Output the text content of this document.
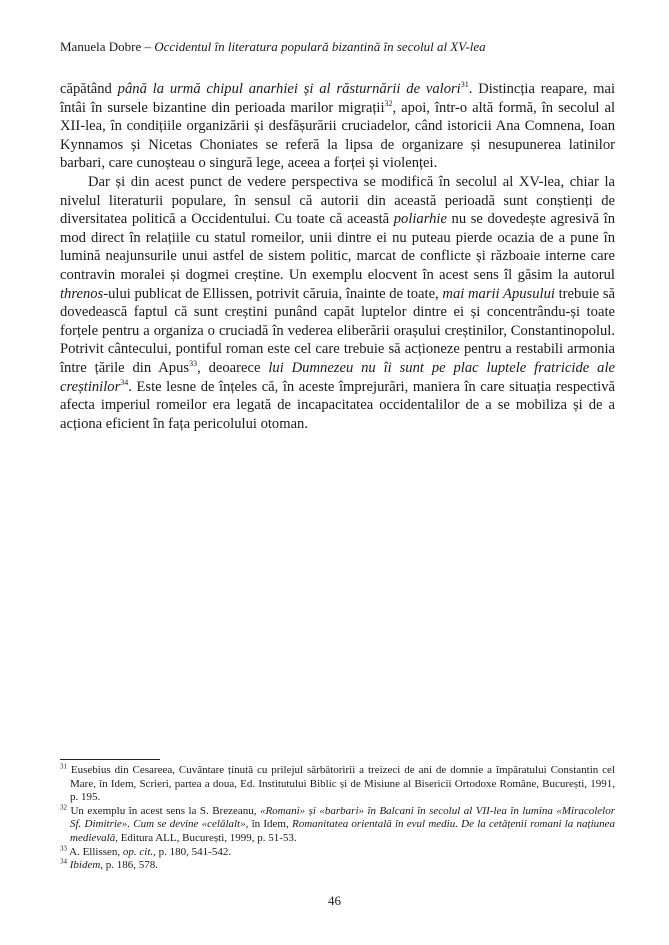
Manuela Dobre – Occidentul în literatura populară bizantină în secolul al XV-lea

căpătând până la urmă chipul anarhiei și al răsturnării de valori$^{31}$. Distincția reapare, mai întâi în sursele bizantine din perioada marilor migrații$^{32}$, apoi, într-o altă formă, în secolul al XII-lea, în condițiile organizării și desfășurării cruciadelor, când istoricii Ana Comnena, Ioan Kynnamos și Nicetas Choniates se referă la lipsa de organizare și nesupunerea latinilor barbari, care cunoșteau o singură lege, aceea a forței și violenței.

Dar și din acest punct de vedere perspectiva se modifică în secolul al XV-lea, chiar la nivelul literaturii populare, în sensul că autorii din această perioadă sunt conștienți de diversitatea politică a Occidentului. Cu toate că această poliarhie nu se dovedește agresivă în mod direct în relațiile cu statul romeilor, unii dintre ei nu puteau pierde ocazia de a pune în lumină neajunsurile unui astfel de sistem politic, marcat de conflicte și războaie interne care contravin moralei și dogmei creștine. Un exemplu elocvent în acest sens îl găsim la autorul threnos-ului publicat de Ellissen, potrivit căruia, înainte de toate, mai marii Apusului trebuie să dovedească faptul că sunt creștini punând capăt luptelor dintre ei și concentrându-și toate forțele pentru a organiza o cruciadă în vederea eliberării orașului creștinilor, Constantinopolul. Potrivit cântecului, pontiful roman este cel care trebuie să acționeze pentru a restabili armonia între țările din Apus$^{33}$, deoarece lui Dumnezeu nu îi sunt pe plac luptele fratricide ale creștinilor$^{34}$. Este lesne de înțeles că, în aceste împrejurări, maniera în care situația respectivă afecta imperiul romeilor era legată de incapacitatea occidentalilor de a se mobiliza și de a acționa eficient în fața pericolului otoman.

$^{31}$ Eusebius din Cesareea, Cuvântare ținută cu prilejul sărbătoririi a treizeci de ani de domnie a împăratului Constantin cel Mare, în Idem, Scrieri, partea a doua, Ed. Institutului Biblic și de Misiune al Bisericii Ortodoxe Române, București, 1991, p. 195.

$^{32}$ Un exemplu în acest sens la S. Brezeanu, «Romani» și «barbari» în Balcani în secolul al VII-lea în lumina «Miracolelor Sf. Dimitrie». Cum se devine «celălalt», în Idem, Romanitatea orientală în evul mediu. De la cetățenii romani la națiunea medievală, Editura ALL, București, 1999, p. 51-53.

$^{33}$ A. Ellissen, op. cit., p. 180, 541-542.

$^{34}$ Ibidem, p. 186, 578.

46
